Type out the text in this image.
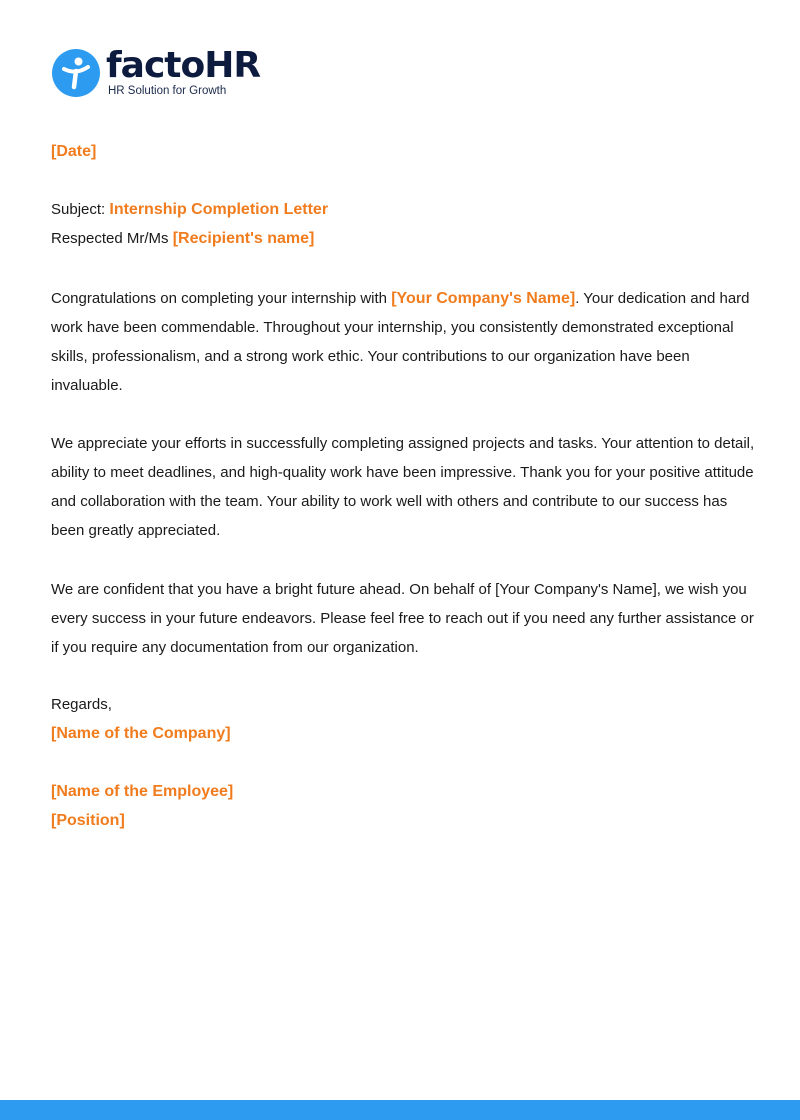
factoHR
HR Solution for Growth
[Date]
Subject: Internship Completion Letter
Respected Mr/Ms [Recipient's name]

Congratulations on completing your internship with [Your Company's Name]. Your dedication and hard work have been commendable. Throughout your internship, you consistently demonstrated exceptional skills, professionalism, and a strong work ethic. Your contributions to our organization have been invaluable.

We appreciate your efforts in successfully completing assigned projects and tasks. Your attention to detail, ability to meet deadlines, and high-quality work have been impressive. Thank you for your positive attitude and collaboration with the team. Your ability to work well with others and contribute to our success has been greatly appreciated.

We are confident that you have a bright future ahead. On behalf of [Your Company's Name], we wish you every success in your future endeavors. Please feel free to reach out if you need any further assistance or if you require any documentation from our organization.

Regards,
[Name of the Company]
[Name of the Employee]
[Position]
